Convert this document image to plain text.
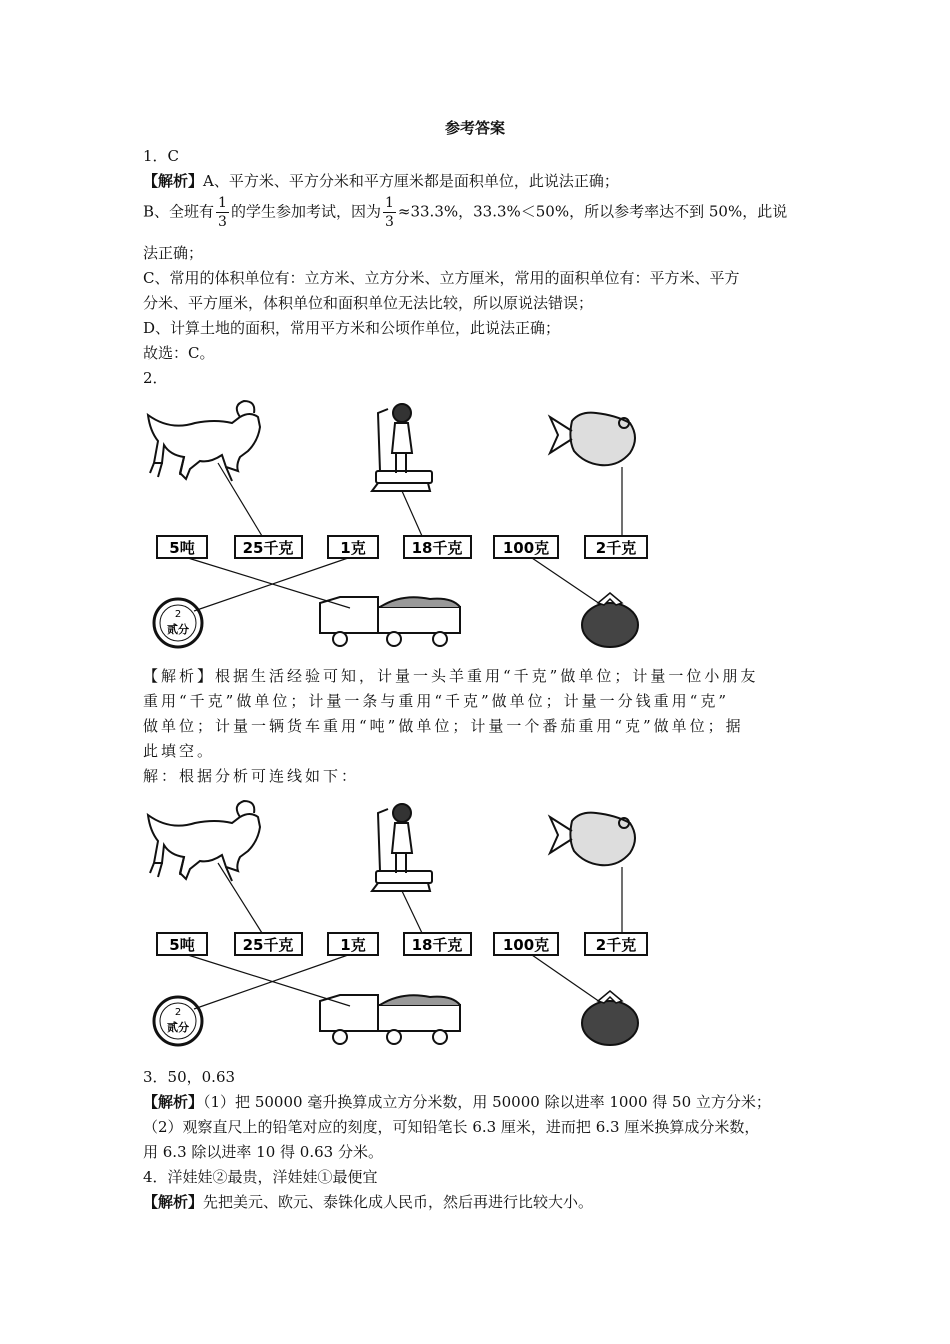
参考答案
1．C
【解析】A、平方米、平方分米和平方厘米都是面积单位，此说法正确；
B、全班有 $\frac{1}{3}$ 的学生参加考试，因为 $\frac{1}{3} \approx 33.3\%$，33.3%＜50%，所以参考率达不到 50%，此说
法正确；
C、常用的体积单位有：立方米、立方分米、立方厘米，常用的面积单位有：平方米、平方
分米、平方厘米，体积单位和面积单位无法比较，所以原说法错误；
D、计算土地的面积，常用平方米和公顷作单位，此说法正确；
故选：C。
2．
2
贰分
5吨	25千克	1克	18千克	100克	2千克
【解析】根据生活经验可知，计量一头羊重用“千克”做单位；计量一位小朋友
重用“千克”做单位；计量一条与重用“千克”做单位；计量一分钱重用“克”
做单位；计量一辆货车重用“吨”做单位；计量一个番茄重用“克”做单位；据
此填空。
解：根据分析可连线如下：
2
贰分
5吨	25千克	1克	18千克	100克	2千克
3．50，0.63
【解析】（1）把 50000 毫升换算成立方分米数，用 50000 除以进率 1000 得 50 立方分米；
（2）观察直尺上的铅笔对应的刻度，可知铅笔长 6.3 厘米，进而把 6.3 厘米换算成分米数，
用 6.3 除以进率 10 得 0.63 分米。
4．洋娃娃②最贵，洋娃娃①最便宜
【解析】先把美元、欧元、泰铢化成人民币，然后再进行比较大小。
